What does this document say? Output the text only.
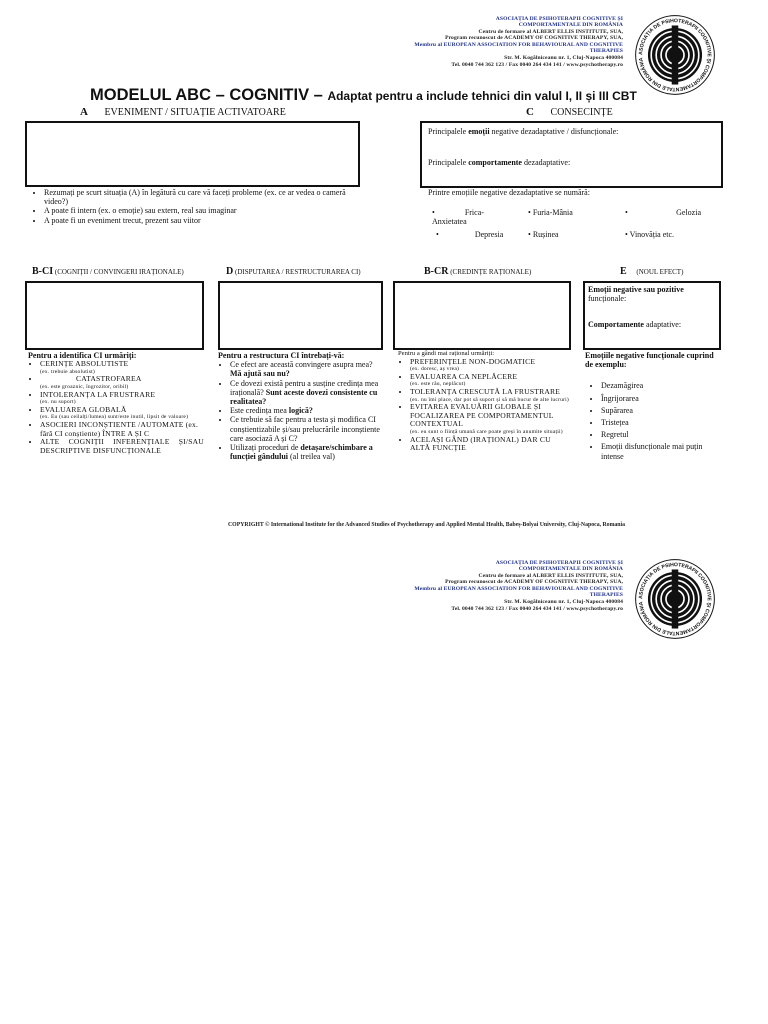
ASOCIAȚIA DE PSIHOTERAPII COGNITIVE ȘI
COMPORTAMENTALE DIN ROMÂNIA
Centru de formare al ALBERT ELLIS INSTITUTE, SUA,
Program recunoscut de ACADEMY OF COGNITIVE THERAPY, SUA,
Membru al EUROPEAN ASSOCIATION FOR BEHAVIOURAL AND COGNITIVE
THERAPIES
Str. M. Kogălniceanu nr. 1, Cluj-Napoca 400084
Tel. 0040 744 362 123 / Fax 0040 264 434 141 / www.psychotherapy.ro
ASOCIAȚIA DE PSIHOTERAPII COGNITIVE ȘI COMPORTAMENTALE DIN ROMÂNIA
MODELUL ABC – COGNITIV – Adaptat pentru a include tehnici din valul I, II și III CBT
A EVENIMENT / SITUAȚIE ACTIVATOARE
• Rezumați pe scurt situația (A) în legătură cu care vă faceți probleme (ex. ce ar vedea o cameră video?)
• A poate fi intern (ex. o emoție) sau extern, real sau imaginar
• A poate fi un eveniment trecut, prezent sau viitor
C CONSECINȚE
Principalele emoții negative dezadaptative / disfuncționale:
Principalele comportamente dezadaptative:
Printre emoțiile negative dezadaptative se numără:
•	Frica-Anxietatea
• Furia-Mânia	•	Gelozia
•	Depresia	• Rușinea	• Vinovăția etc.
B-CI (COGNIȚII / CONVINGERI IRAȚIONALE)	D (DISPUTAREA / RESTRUCTURAREA CI)	B-CR (CREDINȚE RAȚIONALE)	E (NOUL EFECT)
Emoții negative sau pozitive funcționale:
Comportamente adaptative:
Pentru a identifica CI urmăriți:
• CERINȚE ABSOLUTISTE
(ex. trebuie absolutist)
• CATASTROFAREA
(ex. este groaznic, îngrozitor, oribil)
• INTOLERANȚA LA FRUSTRARE
(ex. nu suport)
• EVALUAREA GLOBALĂ
(ex. Eu (sau ceilalți/lumea) sunt/este inutil, lipsit de valoare)
• ASOCIERI INCONȘTIENTE /AUTOMATE (ex. fără CI conștiente) ÎNTRE A ȘI C
• ALTE COGNIȚII INFERENȚIALE ȘI/SAU DESCRIPTIVE DISFUNCȚIONALE
Pentru a restructura CI întrebați-vă:
• Ce efect are această convingere asupra mea? Mă ajută sau nu?
• Ce dovezi există pentru a susține credința mea irațională? Sunt aceste dovezi consistente cu realitatea?
• Este credința mea logică?
• Ce trebuie să fac pentru a testa și modifica CI conștientizabile și/sau prelucrările inconștiente care asociază A și C?
• Utilizați proceduri de detașare/schimbare a funcției gândului (al treilea val)
Pentru a gândi mai rațional urmăriți:
• PREFERINȚELE NON-DOGMATICE
(ex. doresc, aș vrea)
• EVALUAREA CA NEPLĂCERE
(ex. este rău, neplăcut)
• TOLERANȚA CRESCUTĂ LA FRUSTRARE
(ex. nu îmi place, dar pot să suport și să mă bucur de alte lucruri)
• EVITAREA EVALUĂRII GLOBALE ȘI FOCALIZAREA PE COMPORTAMENTUL CONTEXTUAL
(ex. eu sunt o ființă umană care poate greși în anumite situații)
• ACELAȘI GÂND (IRAȚIONAL) DAR CU ALTĂ FUNCȚIE
Emoțiile negative funcționale cuprind de exemplu:
• Dezamăgirea
• Îngrijorarea
• Supărarea
• Tristețea
• Regretul
• Emoții disfuncționale mai puțin intense
COPYRIGHT © International Institute for the Advanced Studies of Psychotherapy and Applied Mental Health, Babeș-Bolyai University, Cluj-Napoca, Romania
ASOCIAȚIA DE PSIHOTERAPII COGNITIVE ȘI
COMPORTAMENTALE DIN ROMÂNIA
Centru de formare al ALBERT ELLIS INSTITUTE, SUA,
Program recunoscut de ACADEMY OF COGNITIVE THERAPY, SUA,
Membru al EUROPEAN ASSOCIATION FOR BEHAVIOURAL AND COGNITIVE
THERAPIES
Str. M. Kogălniceanu nr. 1, Cluj-Napoca 400084
Tel. 0040 744 362 123 / Fax 0040 264 434 141 / www.psychotherapy.ro
ASOCIAȚIA DE PSIHOTERAPII COGNITIVE ȘI COMPORTAMENTALE DIN ROMÂNIA
